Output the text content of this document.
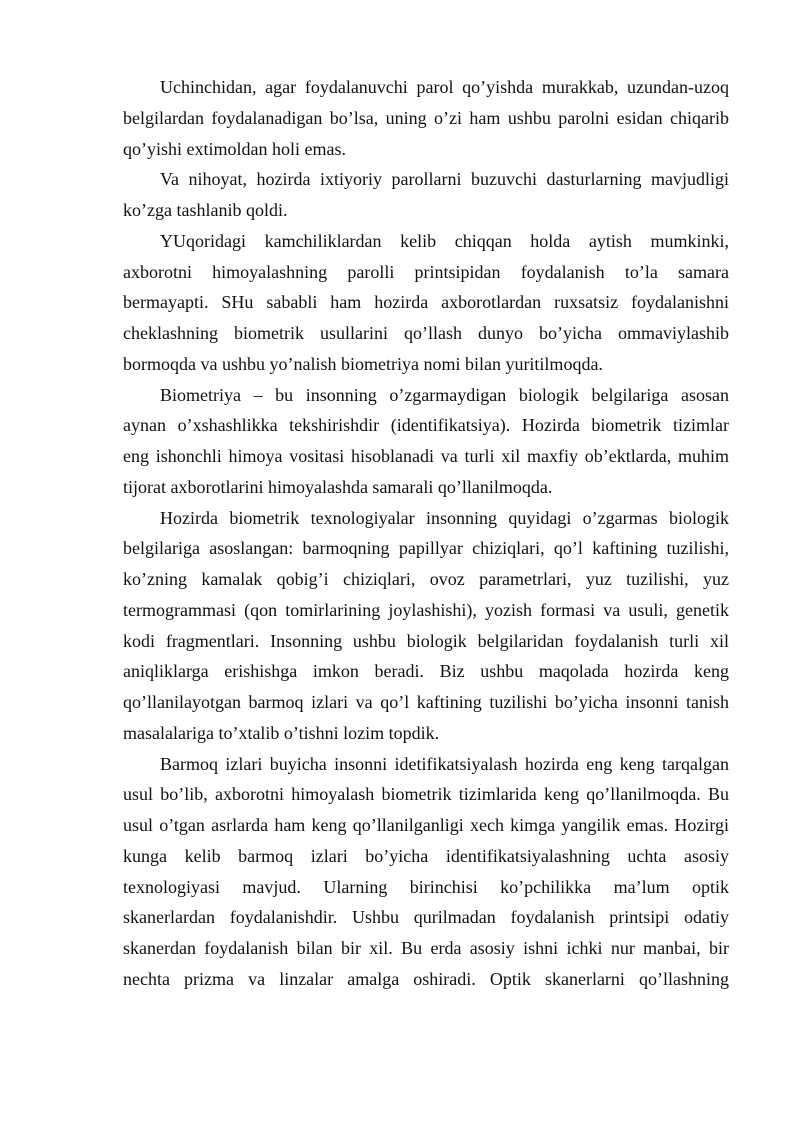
Uchinchidan, agar foydalanuvchi parol qo’yishda murakkab, uzundan-uzoq
belgilardan foydalanadigan bo’lsa, uning o’zi ham ushbu parolni esidan chiqarib
qo’yishi extimoldan holi emas.

Va nihoyat, hozirda ixtiyoriy parollarni buzuvchi dasturlarning mavjudligi
ko’zga tashlanib qoldi.

YUqoridagi kamchiliklardan kelib chiqqan holda aytish mumkinki,
axborotni himoyalashning parolli printsipidan foydalanish to’la samara
bermayapti. SHu sababli ham hozirda axborotlardan ruxsatsiz foydalanishni
cheklashning biometrik usullarini qo’llash dunyo bo’yicha ommaviylashib
bormoqda va ushbu yo’nalish biometriya nomi bilan yuritilmoqda.

Biometriya – bu insonning o’zgarmaydigan biologik belgilariga asosan
aynan o’xshashlikka tekshirishdir (identifikatsiya). Hozirda biometrik tizimlar
eng ishonchli himoya vositasi hisoblanadi va turli xil maxfiy ob’ektlarda, muhim
tijorat axborotlarini himoyalashda samarali qo’llanilmoqda.

Hozirda biometrik texnologiyalar insonning quyidagi o’zgarmas biologik
belgilariga asoslangan: barmoqning papillyar chiziqlari, qo’l kaftining tuzilishi,
ko’zning kamalak qobig’i chiziqlari, ovoz parametrlari, yuz tuzilishi, yuz
termogrammasi (qon tomirlarining joylashishi), yozish formasi va usuli, genetik
kodi fragmentlari. Insonning ushbu biologik belgilaridan foydalanish turli xil
aniqliklarga erishishga imkon beradi. Biz ushbu maqolada hozirda keng
qo’llanilayotgan barmoq izlari va qo’l kaftining tuzilishi bo’yicha insonni tanish
masalalariga to’xtalib o’tishni lozim topdik.

Barmoq izlari buyicha insonni idetifikatsiyalash hozirda eng keng tarqalgan
usul bo’lib, axborotni himoyalash biometrik tizimlarida keng qo’llanilmoqda. Bu
usul o’tgan asrlarda ham keng qo’llanilganligi xech kimga yangilik emas. Hozirgi
kunga kelib barmoq izlari bo’yicha identifikatsiyalashning uchta asosiy
texnologiyasi mavjud. Ularning birinchisi ko’pchilikka ma’lum optik
skanerlardan foydalanishdir. Ushbu qurilmadan foydalanish printsipi odatiy
skanerdan foydalanish bilan bir xil. Bu erda asosiy ishni ichki nur manbai, bir
nechta prizma va linzalar amalga oshiradi. Optik skanerlarni qo’llashning
